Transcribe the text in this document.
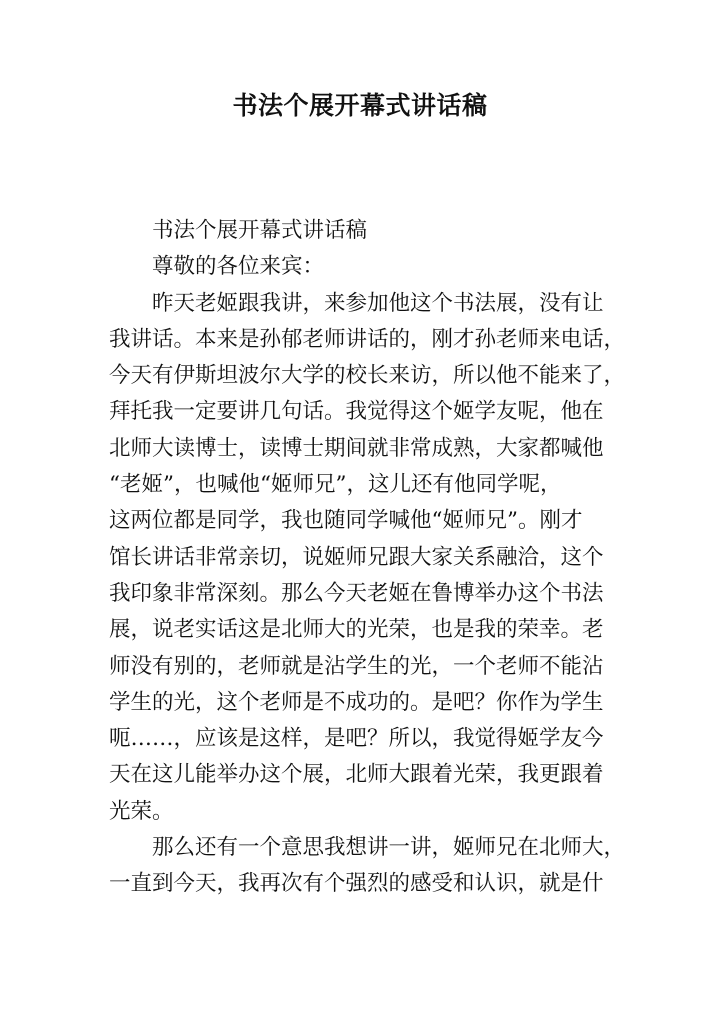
书法个展开幕式讲话稿
书法个展开幕式讲话稿
尊敬的各位来宾：
昨天老姬跟我讲，来参加他这个书法展，没有让
我讲话。本来是孙郁老师讲话的，刚才孙老师来电话，
今天有伊斯坦波尔大学的校长来访，所以他不能来了，
拜托我一定要讲几句话。我觉得这个姬学友呢，他在
北师大读博士，读博士期间就非常成熟，大家都喊他
“老姬”，也喊他“姬师兄”，这儿还有他同学呢，
这两位都是同学，我也随同学喊他“姬师兄”。刚才
馆长讲话非常亲切，说姬师兄跟大家关系融洽，这个
我印象非常深刻。那么今天老姬在鲁博举办这个书法
展，说老实话这是北师大的光荣，也是我的荣幸。老
师没有别的，老师就是沾学生的光，一个老师不能沾
学生的光，这个老师是不成功的。是吧？你作为学生
呃……，应该是这样，是吧？所以，我觉得姬学友今
天在这儿能举办这个展，北师大跟着光荣，我更跟着
光荣。
那么还有一个意思我想讲一讲，姬师兄在北师大，
一直到今天，我再次有个强烈的感受和认识，就是什
